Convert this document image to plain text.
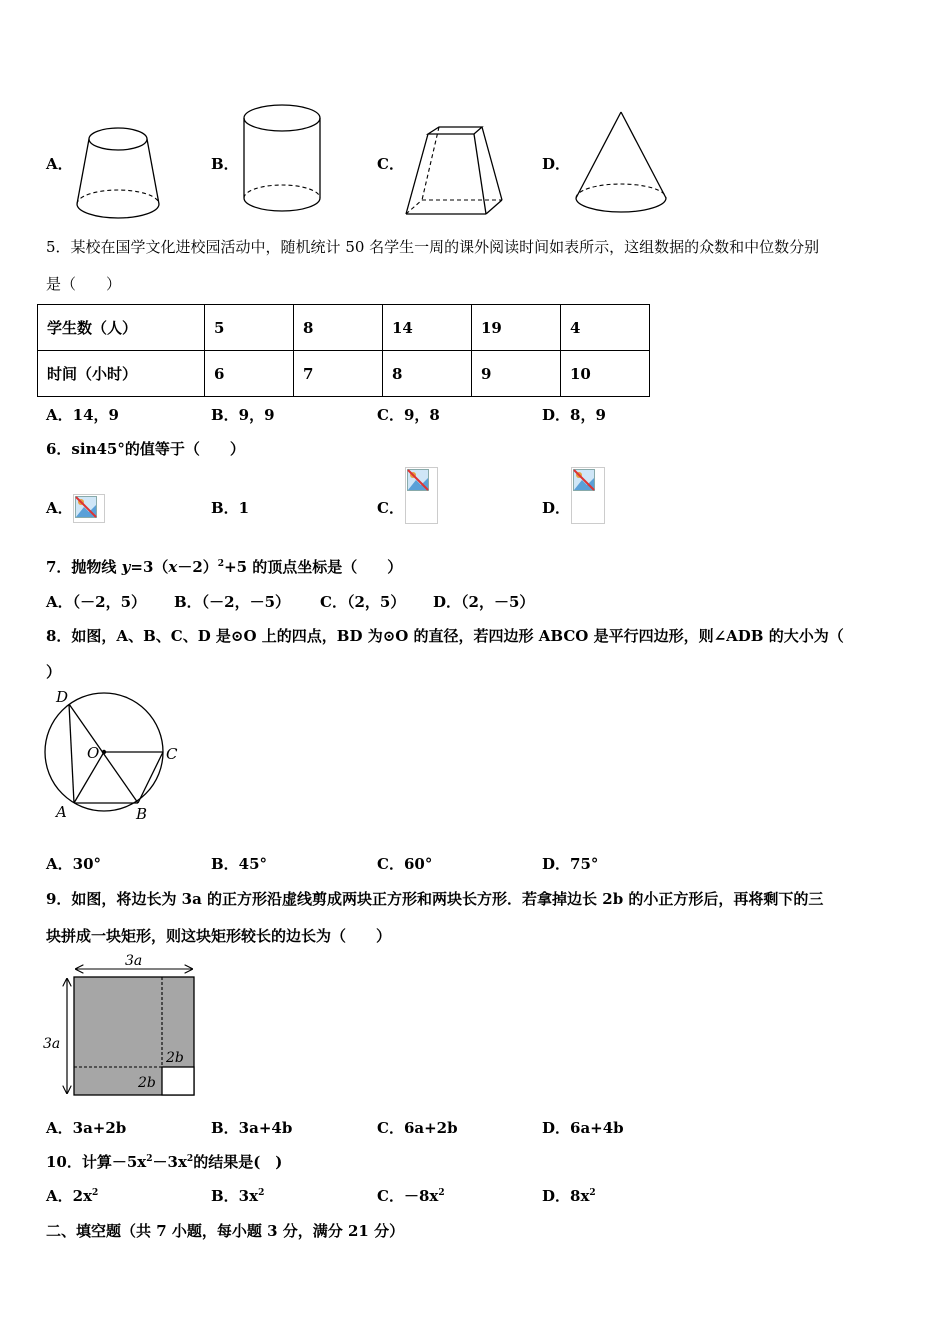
A．	B．	C．	D．
5．某校在国学文化进校园活动中，随机统计 50 名学生一周的课外阅读时间如表所示，这组数据的众数和中位数分别
是（　　）
学生数（人）	5	8	14	19	4
时间（小时）	6	7	8	9	10
A．14，9	B．9，9	C．9，8	D．8，9
6．sin45°的值等于（　　）
A．	B．1	C．	D．
7．抛物线 $y=3(x-2)^2+5$ 的顶点坐标是（　　）
A．（－2，5） B．（－2，－5） C．（2，5） D．（2，－5）
8．如图，A、B、C、D 是⊙O 上的四点，BD 为⊙O 的直径，若四边形 ABCO 是平行四边形，则∠ADB 的大小为（
）
D
O	C
A	B
A．30°	B．45°	C．60°	D．75°
9．如图，将边长为 3a 的正方形沿虚线剪成两块正方形和两块长方形．若拿掉边长 2b 的小正方形后，再将剩下的三
块拼成一块矩形，则这块矩形较长的边长为（　　）
3a
3a
2b
2b
A．3a+2b	B．3a+4b	C．6a+2b	D．6a+4b
10．计算$-5x^2-3x^2$的结果是(　)
A．$2x^2$	B．$3x^2$	C．$-8x^2$	D．$8x^2$
二、填空题（共 7 小题，每小题 3 分，满分 21 分）
